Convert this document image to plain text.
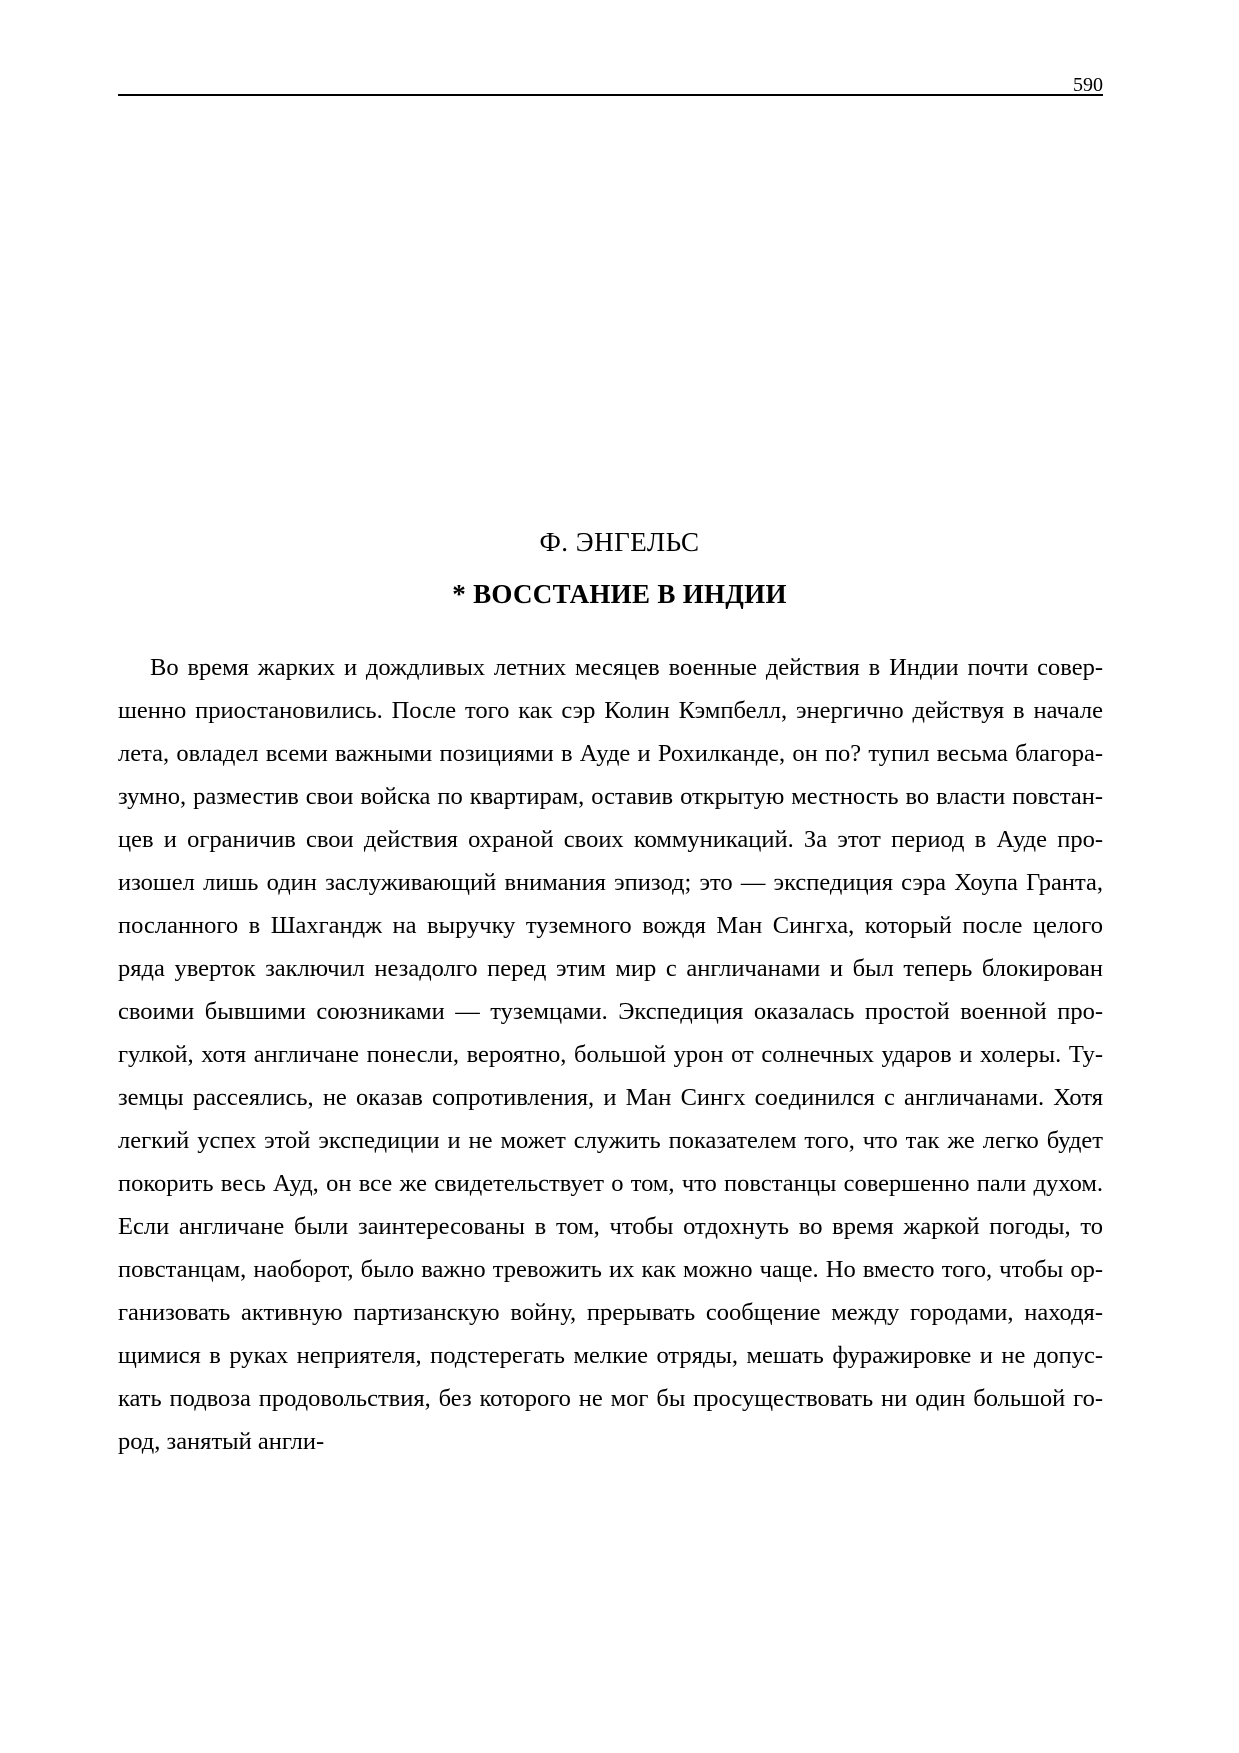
590
Ф. ЭНГЕЛЬС
* ВОССТАНИЕ В ИНДИИ
Во время жарких и дождливых летних месяцев военные действия в Индии почти совер-
шенно приостановились. После того как сэр Колин Кэмпбелл, энергично действуя в начале
лета, овладел всеми важными позициями в Ауде и Рохилканде, он по? тупил весьма благора-
зумно, разместив свои войска по квартирам, оставив открытую местность во власти повстан-
цев и ограничив свои действия охраной своих коммуникаций. За этот период в Ауде про-
изошел лишь один заслуживающий внимания эпизод; это — экспедиция сэра Хоупа Гранта,
посланного в Шахгандж на выручку туземного вождя Ман Сингха, который после целого
ряда уверток заключил незадолго перед этим мир с англичанами и был теперь блокирован
своими бывшими союзниками — туземцами. Экспедиция оказалась простой военной про-
гулкой, хотя англичане понесли, вероятно, большой урон от солнечных ударов и холеры. Ту-
земцы рассеялись, не оказав сопротивления, и Ман Сингх соединился с англичанами. Хотя
легкий успех этой экспедиции и не может служить показателем того, что так же легко будет
покорить весь Ауд, он все же свидетельствует о том, что повстанцы совершенно пали духом.
Если англичане были заинтересованы в том, чтобы отдохнуть во время жаркой погоды, то
повстанцам, наоборот, было важно тревожить их как можно чаще. Но вместо того, чтобы ор-
ганизовать активную партизанскую войну, прерывать сообщение между городами, находя-
щимися в руках неприятеля, подстерегать мелкие отряды, мешать фуражировке и не допус-
кать подвоза продовольствия, без которого не мог бы просуществовать ни один большой го-
род, занятый англи-
